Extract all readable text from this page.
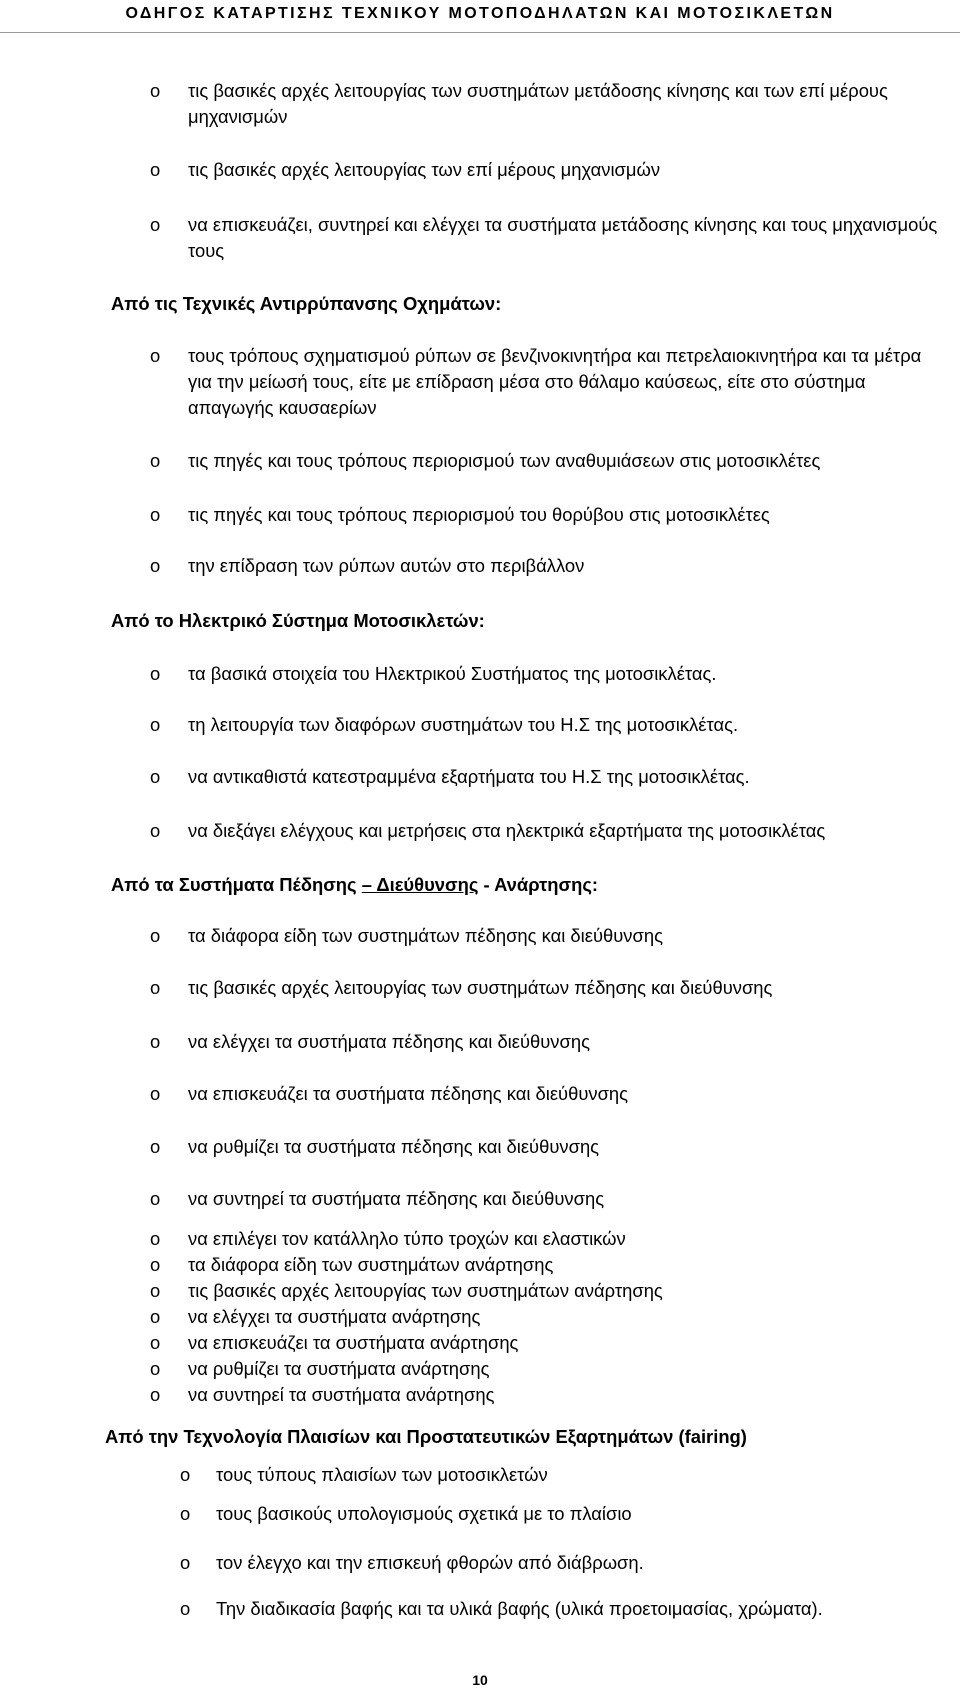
ΟΔΗΓΟΣ ΚΑΤΑΡΤΙΣΗΣ ΤΕΧΝΙΚΟΥ ΜΟΤΟΠΟΔΗΛΑΤΩΝ ΚΑΙ ΜΟΤΟΣΙΚΛΕΤΩΝ
o τις βασικές αρχές λειτουργίας των συστημάτων μετάδοσης κίνησης και των επί μέρους μηχανισμών
o τις βασικές αρχές λειτουργίας των επί μέρους μηχανισμών
o να επισκευάζει, συντηρεί και ελέγχει τα συστήματα μετάδοσης κίνησης και τους μηχανισμούς τους
Από τις Τεχνικές Αντιρρύπανσης Οχημάτων:
o τους τρόπους σχηματισμού ρύπων σε βενζινοκινητήρα και πετρελαιοκινητήρα και τα μέτρα για την μείωσή τους, είτε με επίδραση μέσα στο θάλαμο καύσεως, είτε στο σύστημα απαγωγής καυσαερίων
o τις πηγές και τους τρόπους περιορισμού των αναθυμιάσεων στις μοτοσικλέτες
o τις πηγές και τους τρόπους περιορισμού του θορύβου στις μοτοσικλέτες
o την επίδραση των ρύπων αυτών στο περιβάλλον
Από το Ηλεκτρικό Σύστημα Μοτοσικλετών:
o τα βασικά στοιχεία του Ηλεκτρικού Συστήματος της μοτοσικλέτας.
o τη λειτουργία των διαφόρων συστημάτων του Η.Σ της μοτοσικλέτας.
o να αντικαθιστά κατεστραμμένα εξαρτήματα του Η.Σ της μοτοσικλέτας.
o να διεξάγει ελέγχους και μετρήσεις στα ηλεκτρικά εξαρτήματα της μοτοσικλέτας
Από τα Συστήματα Πέδησης – Διεύθυνσης - Ανάρτησης:
o τα διάφορα είδη των συστημάτων πέδησης και διεύθυνσης
o τις βασικές αρχές λειτουργίας των συστημάτων πέδησης και διεύθυνσης
o να ελέγχει τα συστήματα πέδησης και διεύθυνσης
o να επισκευάζει τα συστήματα πέδησης και διεύθυνσης
o να ρυθμίζει τα συστήματα πέδησης και διεύθυνσης
o να συντηρεί τα συστήματα πέδησης και διεύθυνσης
o να επιλέγει τον κατάλληλο τύπο τροχών και ελαστικών
o τα διάφορα είδη των συστημάτων ανάρτησης
o τις βασικές αρχές λειτουργίας των συστημάτων ανάρτησης
o να ελέγχει τα συστήματα ανάρτησης
o να επισκευάζει τα συστήματα ανάρτησης
o να ρυθμίζει τα συστήματα ανάρτησης
o να συντηρεί τα συστήματα ανάρτησης
Από την Τεχνολογία Πλαισίων και Προστατευτικών Εξαρτημάτων (fairing)
o τους τύπους πλαισίων των μοτοσικλετών
o τους βασικούς υπολογισμούς σχετικά με το πλαίσιο
o τον έλεγχο και την επισκευή φθορών από διάβρωση.
o Την διαδικασία βαφής και τα υλικά βαφής (υλικά προετοιμασίας, χρώματα).
10
